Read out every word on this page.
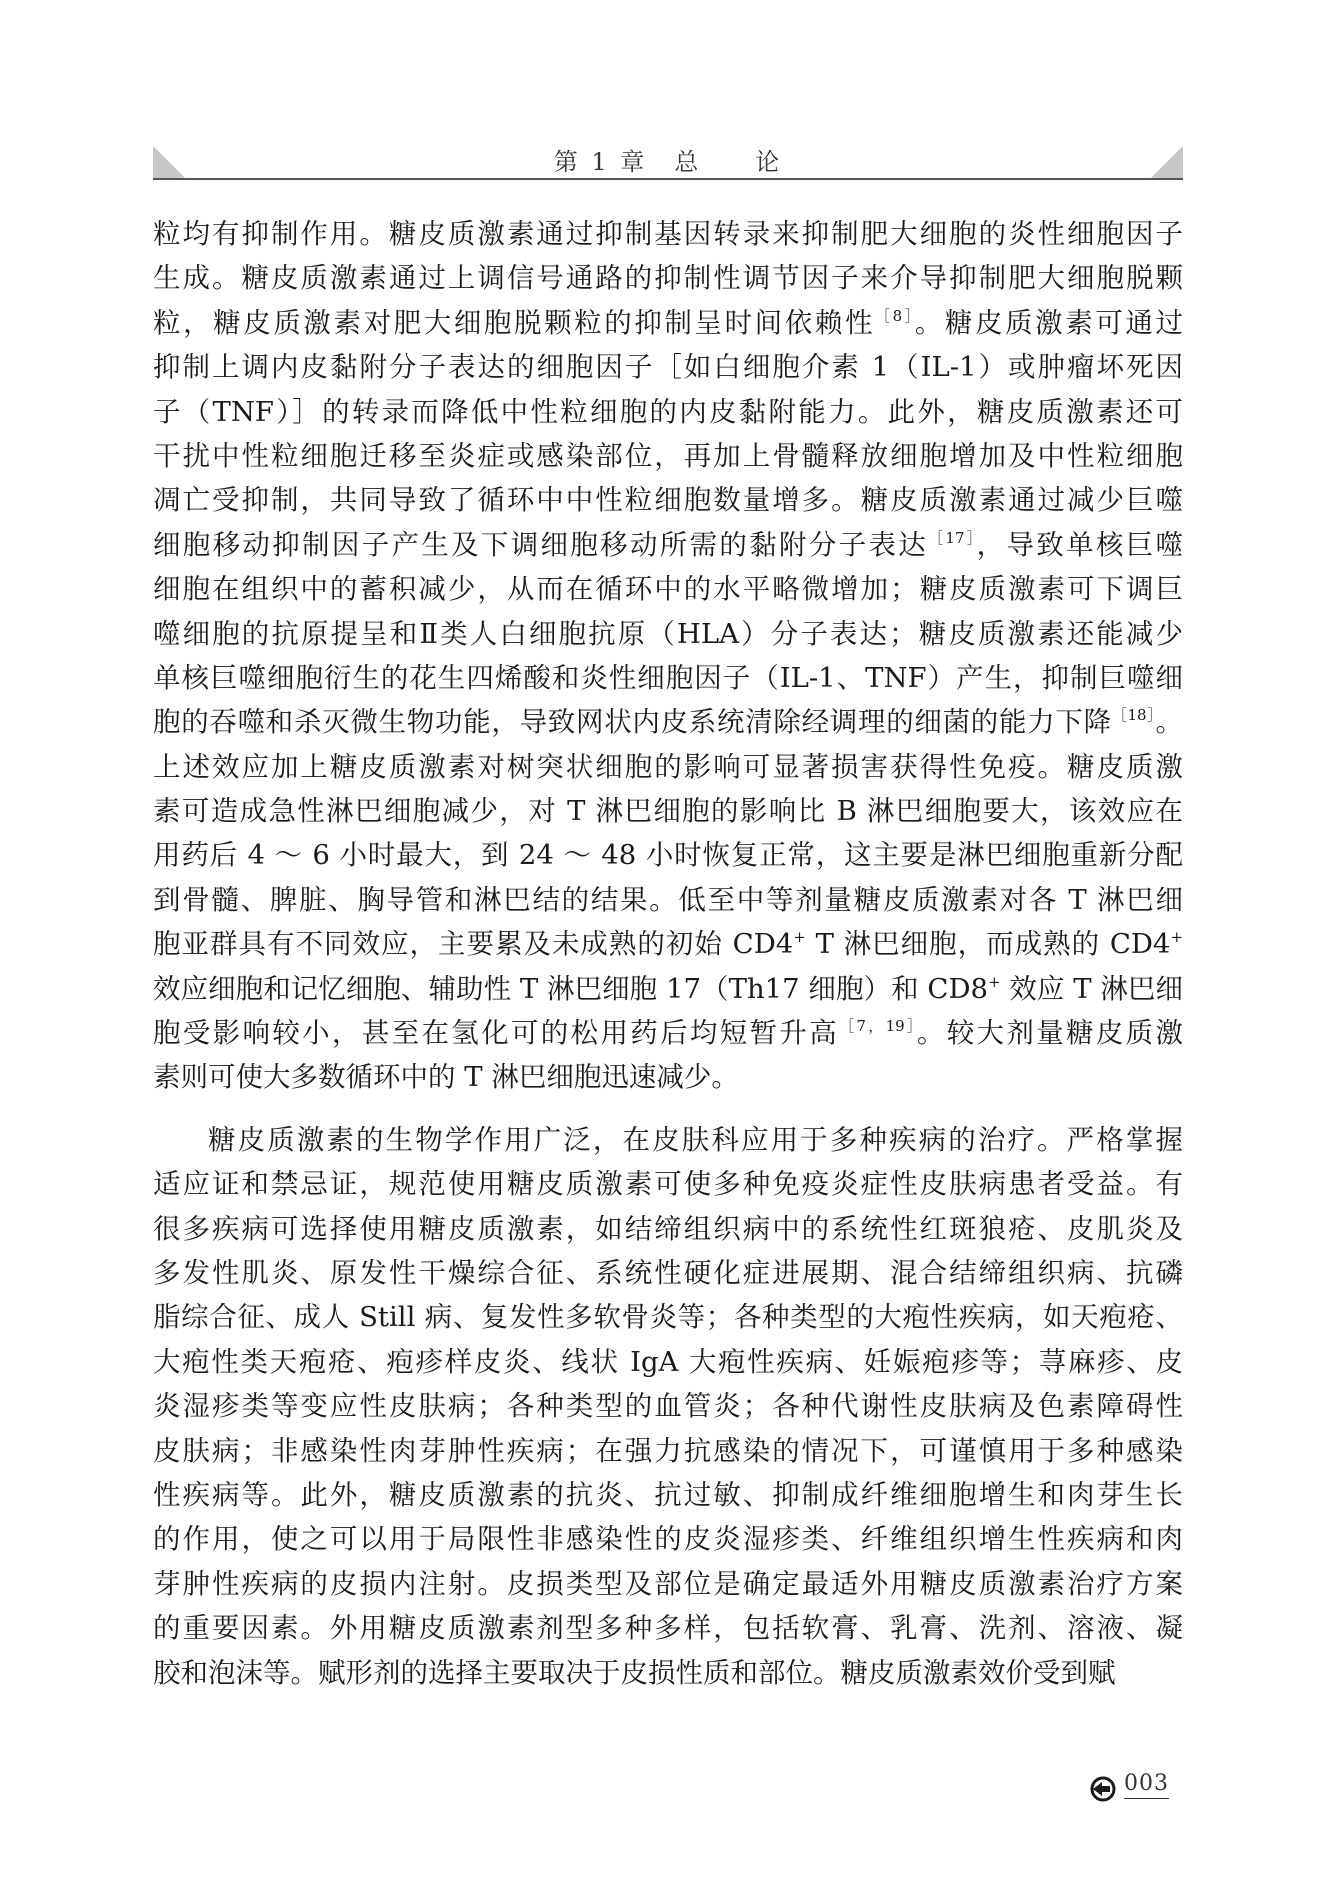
第 1 章　总　　论
粒均有抑制作用。糖皮质激素通过抑制基因转录来抑制肥大细胞的炎性细胞因子
生成。糖皮质激素通过上调信号通路的抑制性调节因子来介导抑制肥大细胞脱颗
粒，糖皮质激素对肥大细胞脱颗粒的抑制呈时间依赖性$^{[8]}$。糖皮质激素可通过
抑制上调内皮黏附分子表达的细胞因子［如白细胞介素 1（IL-1）或肿瘤坏死因
子（TNF）］的转录而降低中性粒细胞的内皮黏附能力。此外，糖皮质激素还可
干扰中性粒细胞迁移至炎症或感染部位，再加上骨髓释放细胞增加及中性粒细胞
凋亡受抑制，共同导致了循环中中性粒细胞数量增多。糖皮质激素通过减少巨噬
细胞移动抑制因子产生及下调细胞移动所需的黏附分子表达$^{[17]}$，导致单核巨噬
细胞在组织中的蓄积减少，从而在循环中的水平略微增加；糖皮质激素可下调巨
噬细胞的抗原提呈和Ⅱ类人白细胞抗原（HLA）分子表达；糖皮质激素还能减少
单核巨噬细胞衍生的花生四烯酸和炎性细胞因子（IL-1、TNF）产生，抑制巨噬细
胞的吞噬和杀灭微生物功能，导致网状内皮系统清除经调理的细菌的能力下降$^{[18]}$。
上述效应加上糖皮质激素对树突状细胞的影响可显著损害获得性免疫。糖皮质激
素可造成急性淋巴细胞减少，对 T 淋巴细胞的影响比 B 淋巴细胞要大，该效应在
用药后 4 ～ 6 小时最大，到 24 ～ 48 小时恢复正常，这主要是淋巴细胞重新分配
到骨髓、脾脏、胸导管和淋巴结的结果。低至中等剂量糖皮质激素对各 T 淋巴细
胞亚群具有不同效应，主要累及未成熟的初始 CD4+ T 淋巴细胞，而成熟的 CD4+
效应细胞和记忆细胞、辅助性 T 淋巴细胞 17（Th17 细胞）和 CD8+ 效应 T 淋巴细
胞受影响较小，甚至在氢化可的松用药后均短暂升高$^{[7,19]}$。较大剂量糖皮质激
素则可使大多数循环中的 T 淋巴细胞迅速减少。
糖皮质激素的生物学作用广泛，在皮肤科应用于多种疾病的治疗。严格掌握
适应证和禁忌证，规范使用糖皮质激素可使多种免疫炎症性皮肤病患者受益。有
很多疾病可选择使用糖皮质激素，如结缔组织病中的系统性红斑狼疮、皮肌炎及
多发性肌炎、原发性干燥综合征、系统性硬化症进展期、混合结缔组织病、抗磷
脂综合征、成人 Still 病、复发性多软骨炎等；各种类型的大疱性疾病，如天疱疮、
大疱性类天疱疮、疱疹样皮炎、线状 IgA 大疱性疾病、妊娠疱疹等；荨麻疹、皮
炎湿疹类等变应性皮肤病；各种类型的血管炎；各种代谢性皮肤病及色素障碍性
皮肤病；非感染性肉芽肿性疾病；在强力抗感染的情况下，可谨慎用于多种感染
性疾病等。此外，糖皮质激素的抗炎、抗过敏、抑制成纤维细胞增生和肉芽生长
的作用，使之可以用于局限性非感染性的皮炎湿疹类、纤维组织增生性疾病和肉
芽肿性疾病的皮损内注射。皮损类型及部位是确定最适外用糖皮质激素治疗方案
的重要因素。外用糖皮质激素剂型多种多样，包括软膏、乳膏、洗剂、溶液、凝
胶和泡沫等。赋形剂的选择主要取决于皮损性质和部位。糖皮质激素效价受到赋
003
